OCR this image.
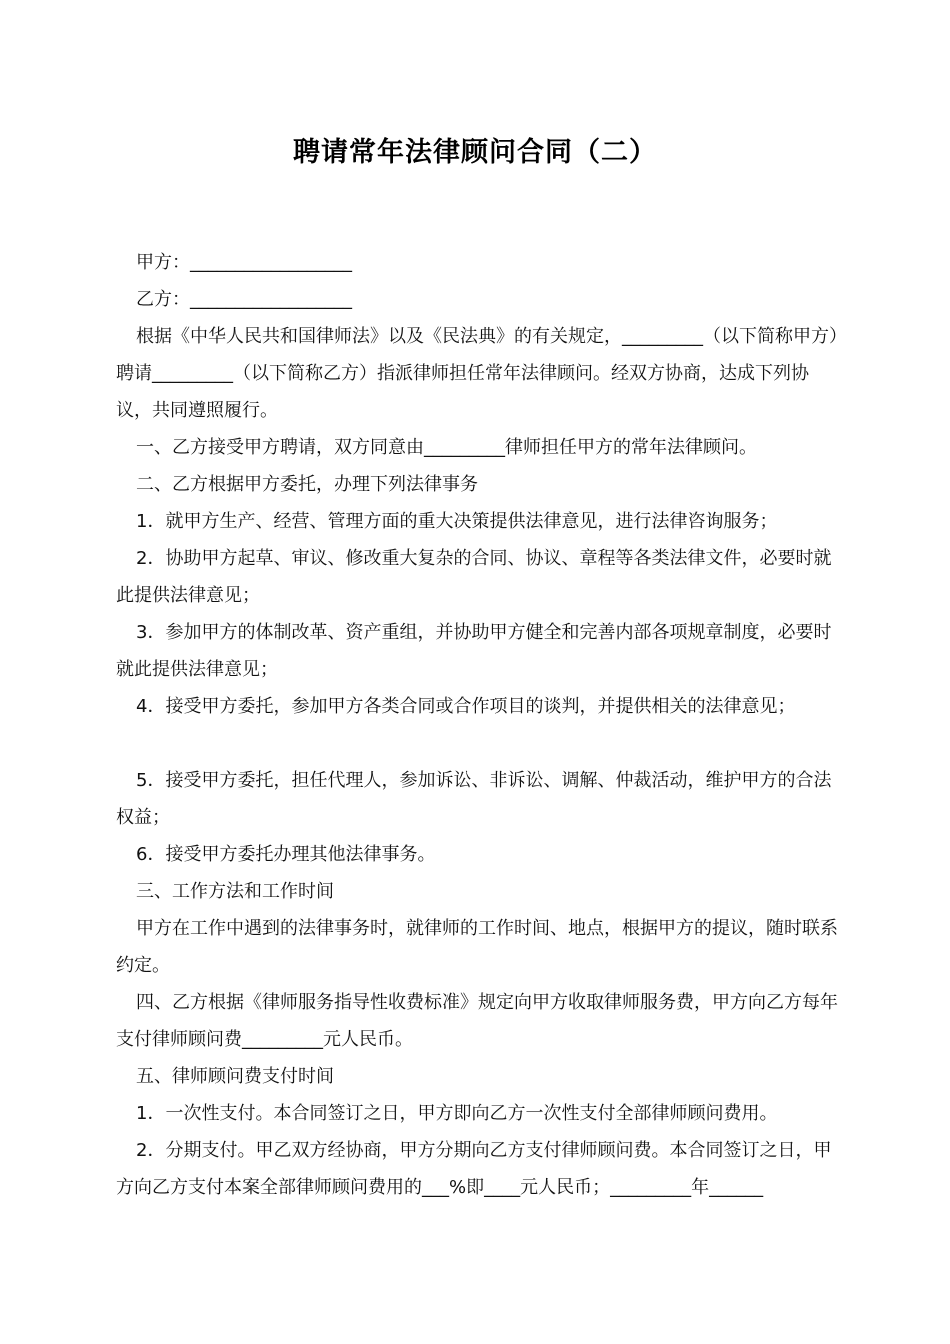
聘请常年法律顾问合同（二）

甲方：__________________

乙方：__________________

根据《中华人民共和国律师法》以及《民法典》的有关规定，_________（以下简称甲方）聘请_________（以下简称乙方）指派律师担任常年法律顾问。经双方协商，达成下列协议，共同遵照履行。

一、乙方接受甲方聘请，双方同意由_________律师担任甲方的常年法律顾问。

二、乙方根据甲方委托，办理下列法律事务

1．就甲方生产、经营、管理方面的重大决策提供法律意见，进行法律咨询服务；

2．协助甲方起草、审议、修改重大复杂的合同、协议、章程等各类法律文件，必要时就此提供法律意见；

3．参加甲方的体制改革、资产重组，并协助甲方健全和完善内部各项规章制度，必要时就此提供法律意见；

4．接受甲方委托，参加甲方各类合同或合作项目的谈判，并提供相关的法律意见；

5．接受甲方委托，担任代理人，参加诉讼、非诉讼、调解、仲裁活动，维护甲方的合法权益；

6．接受甲方委托办理其他法律事务。

三、工作方法和工作时间

甲方在工作中遇到的法律事务时，就律师的工作时间、地点，根据甲方的提议，随时联系约定。

四、乙方根据《律师服务指导性收费标准》规定向甲方收取律师服务费，甲方向乙方每年支付律师顾问费_________元人民币。

五、律师顾问费支付时间

1．一次性支付。本合同签订之日，甲方即向乙方一次性支付全部律师顾问费用。

2．分期支付。甲乙双方经协商，甲方分期向乙方支付律师顾问费。本合同签订之日，甲方向乙方支付本案全部律师顾问费用的___%即____元人民币；_________年______
